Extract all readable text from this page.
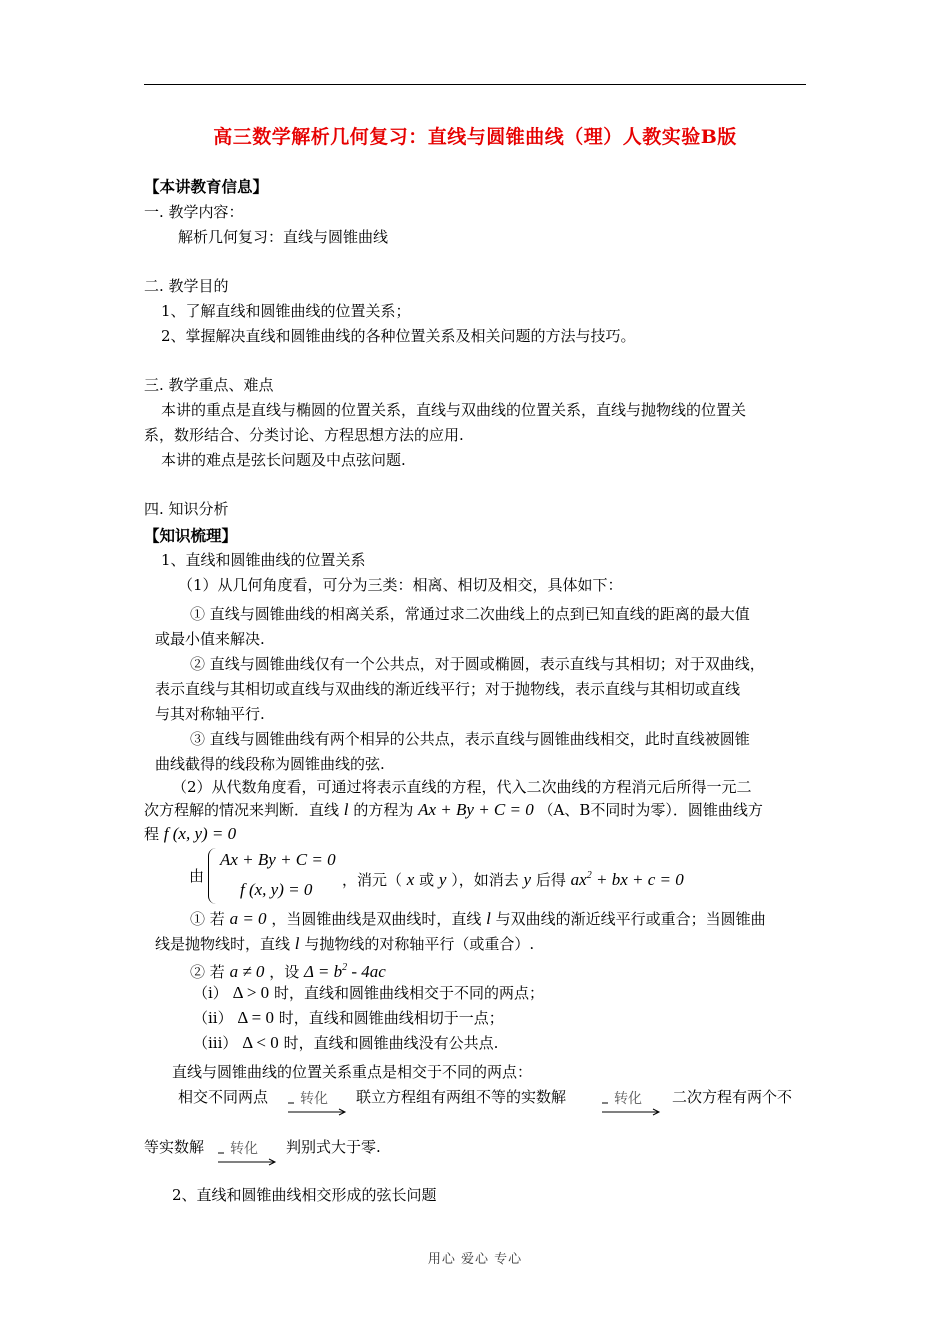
高三数学解析几何复习：直线与圆锥曲线（理）人教实验B版
【本讲教育信息】
一. 教学内容：
解析几何复习：直线与圆锥曲线
二. 教学目的
1、了解直线和圆锥曲线的位置关系；
2、掌握解决直线和圆锥曲线的各种位置关系及相关问题的方法与技巧。
三. 教学重点、难点
本讲的重点是直线与椭圆的位置关系，直线与双曲线的位置关系，直线与抛物线的位置关
系，数形结合、分类讨论、方程思想方法的应用.
本讲的难点是弦长问题及中点弦问题.
四. 知识分析
【知识梳理】
1、直线和圆锥曲线的位置关系
（1）从几何角度看，可分为三类：相离、相切及相交，具体如下：
① 直线与圆锥曲线的相离关系，常通过求二次曲线上的点到已知直线的距离的最大值
或最小值来解决.
② 直线与圆锥曲线仅有一个公共点，对于圆或椭圆，表示直线与其相切；对于双曲线，
表示直线与其相切或直线与双曲线的渐近线平行；对于抛物线，表示直线与其相切或直线
与其对称轴平行.
③ 直线与圆锥曲线有两个相异的公共点，表示直线与圆锥曲线相交，此时直线被圆锥
曲线截得的线段称为圆锥曲线的弦.
（2）从代数角度看，可通过将表示直线的方程，代入二次曲线的方程消元后所得一元二
次方程解的情况来判断．直线 l 的方程为 Ax + By + C = 0 （A、B不同时为零）．圆锥曲线方
程 f (x, y) = 0
由
Ax + By + C = 0
f (x, y) = 0 ，消元（ x 或 y ），如消去 y 后得 $ax^2$ + bx + c = 0
① 若 a = 0 ，当圆锥曲线是双曲线时，直线 l 与双曲线的渐近线平行或重合；当圆锥曲
线是抛物线时，直线 l 与抛物线的对称轴平行（或重合）.
② 若 a ≠ 0 ，设 $\Delta = b^2 - 4ac$
（i） Δ > 0 时，直线和圆锥曲线相交于不同的两点；
（ii） Δ = 0 时，直线和圆锥曲线相切于一点；
（iii） Δ < 0 时，直线和圆锥曲线没有公共点.
直线与圆锥曲线的位置关系重点是相交于不同的两点：
相交不同两点 转化 联立方程组有两组不等的实数解	转化 二次方程有两个不
等实数解 转化 判别式大于零.
2、直线和圆锥曲线相交形成的弦长问题
用心 爱心 专心
